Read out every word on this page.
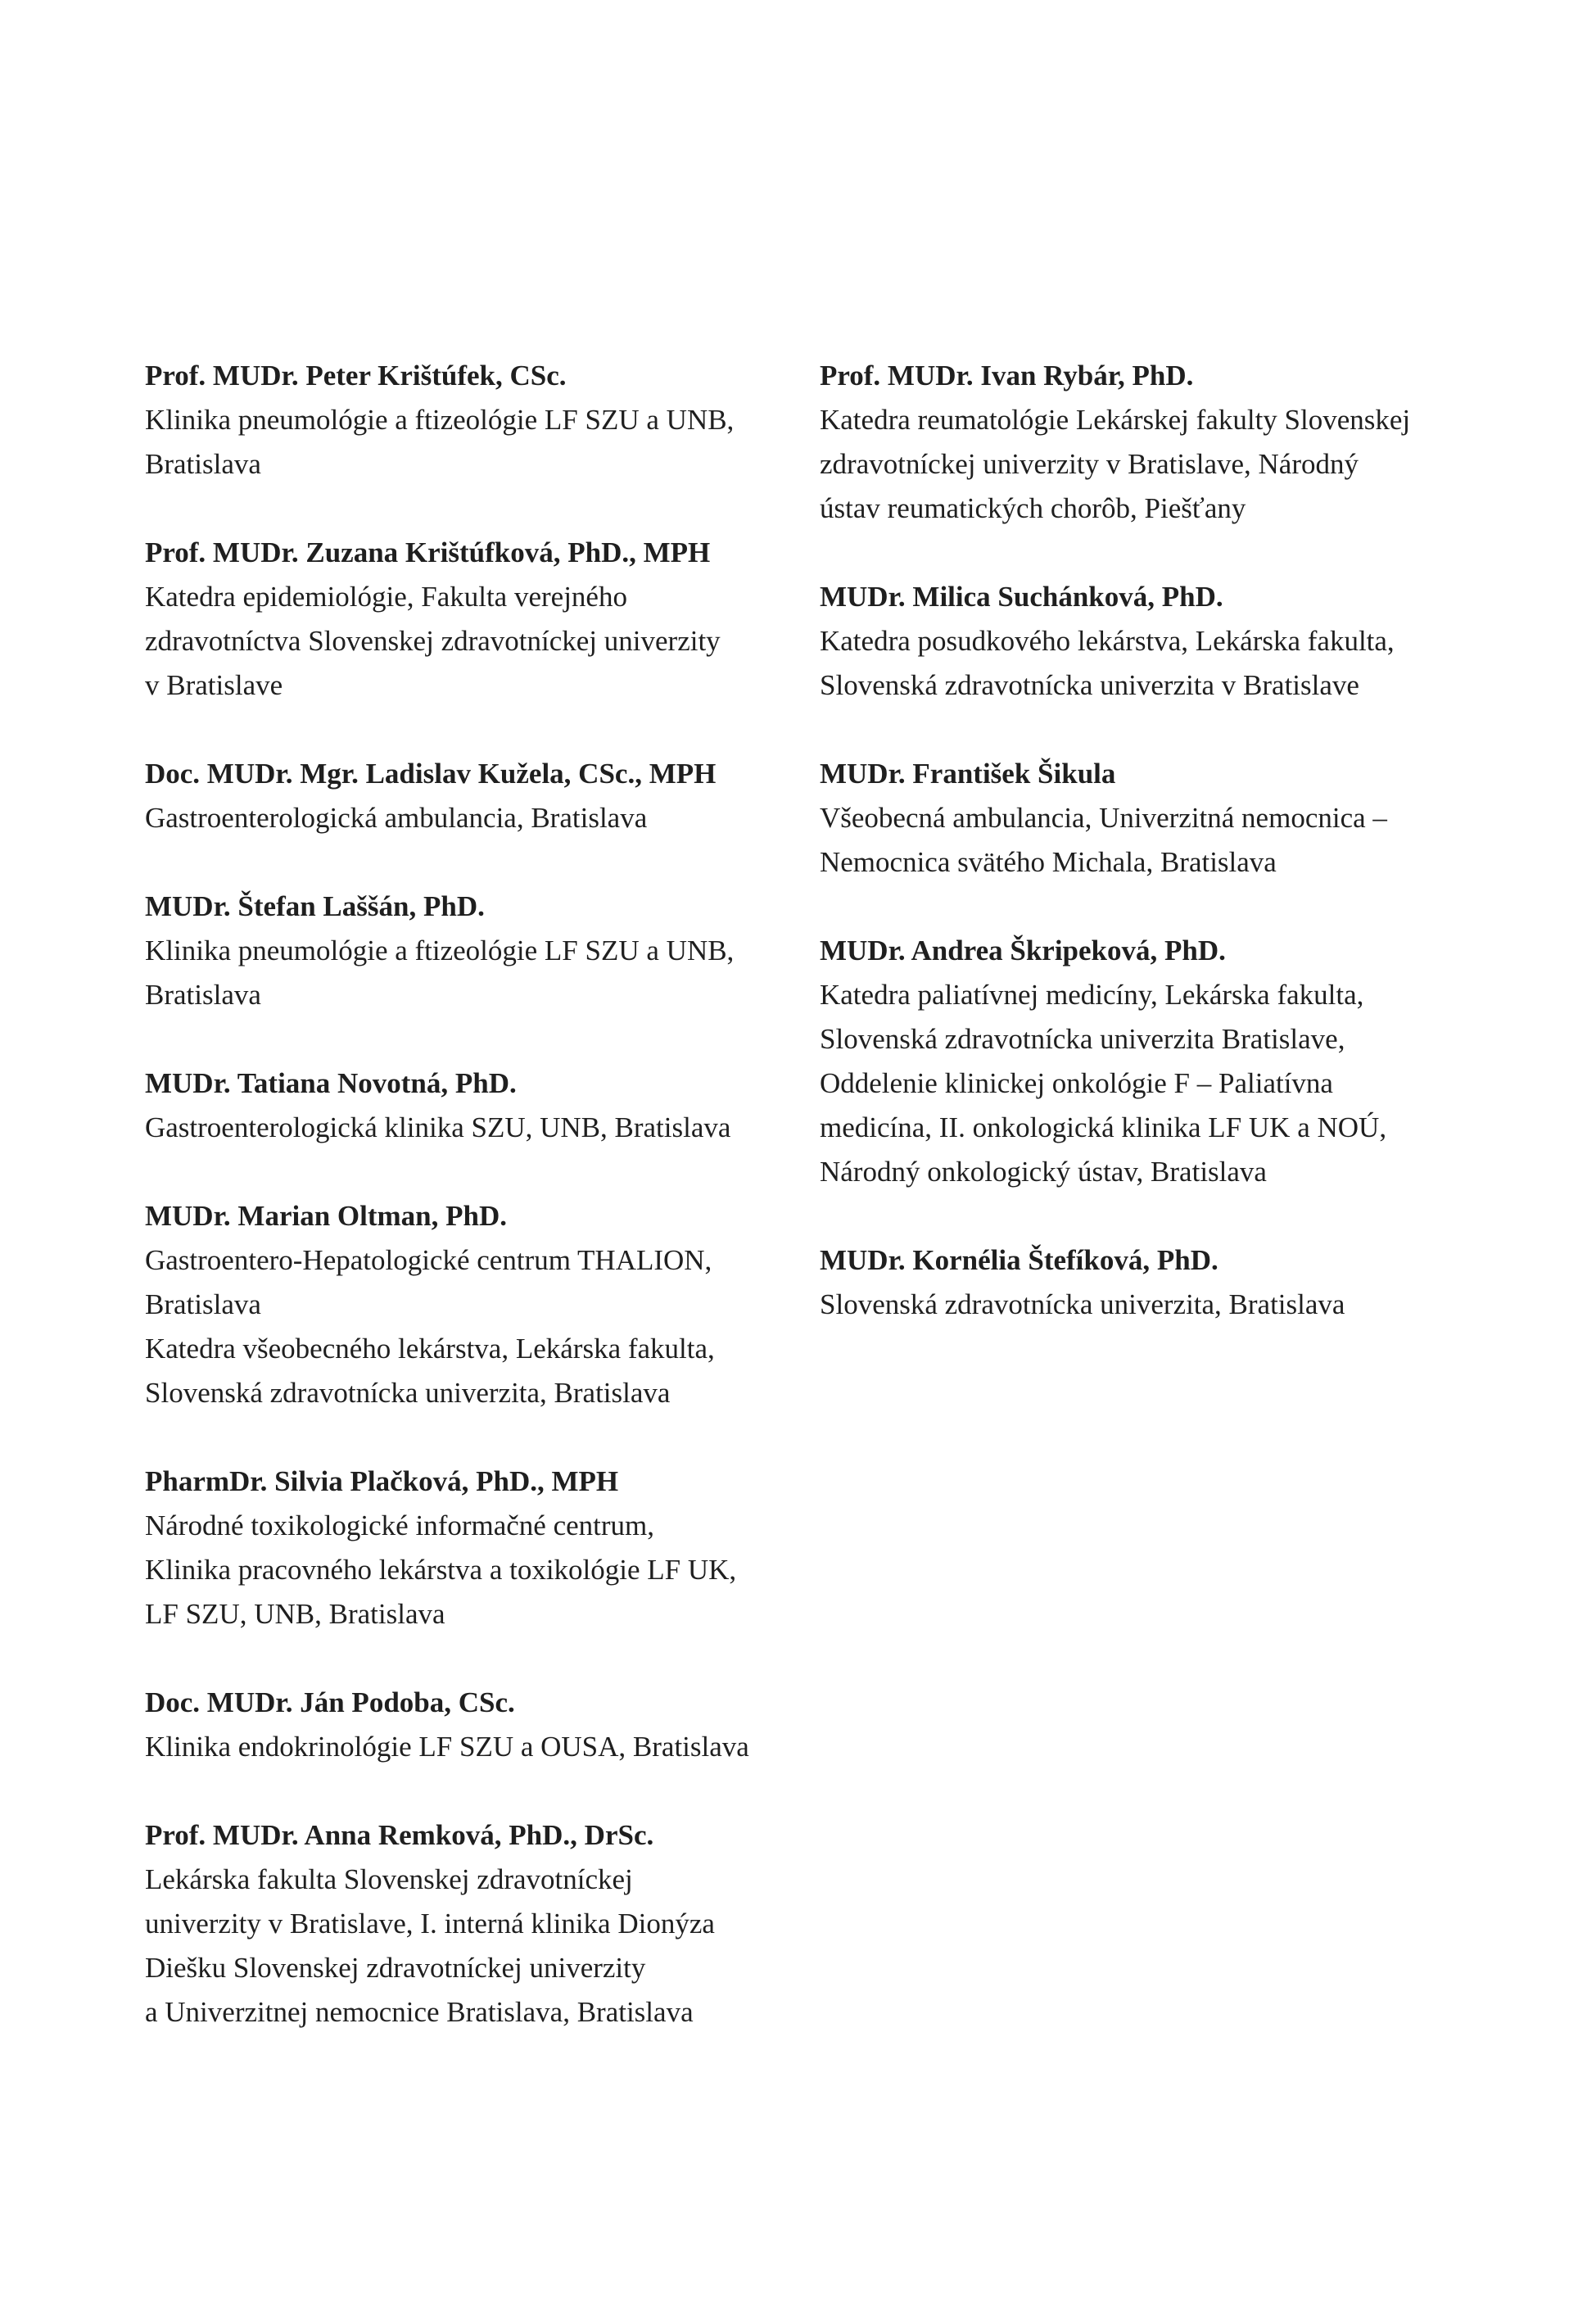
Prof. MUDr. Peter Krištúfek, CSc.
Klinika pneumológie a ftizeológie LF SZU a UNB,
Bratislava
Prof. MUDr. Zuzana Krištúfková, PhD., MPH
Katedra epidemiológie, Fakulta verejného
zdravotníctva Slovenskej zdravotníckej univerzity
v Bratislave
Doc. MUDr. Mgr. Ladislav Kužela, CSc., MPH
Gastroenterologická ambulancia, Bratislava
MUDr. Štefan Laššán, PhD.
Klinika pneumológie a ftizeológie LF SZU a UNB,
Bratislava
MUDr. Tatiana Novotná, PhD.
Gastroenterologická klinika SZU, UNB, Bratislava
MUDr. Marian Oltman, PhD.
Gastroentero-Hepatologické centrum THALION,
Bratislava
Katedra všeobecného lekárstva, Lekárska fakulta,
Slovenská zdravotnícka univerzita, Bratislava
PharmDr. Silvia Plačková, PhD., MPH
Národné toxikologické informačné centrum,
Klinika pracovného lekárstva a toxikológie LF UK,
LF SZU, UNB, Bratislava
Doc. MUDr. Ján Podoba, CSc.
Klinika endokrinológie LF SZU a OUSA, Bratislava
Prof. MUDr. Anna Remková, PhD., DrSc.
Lekárska fakulta Slovenskej zdravotníckej
univerzity v Bratislave, I. interná klinika Dionýza
Diešku Slovenskej zdravotníckej univerzity
a Univerzitnej nemocnice Bratislava, Bratislava
Prof. MUDr. Ivan Rybár, PhD.
Katedra reumatológie Lekárskej fakulty Slovenskej
zdravotníckej univerzity v Bratislave, Národný
ústav reumatických chorôb, Piešťany
MUDr. Milica Suchánková, PhD.
Katedra posudkového lekárstva, Lekárska fakulta,
Slovenská zdravotnícka univerzita v Bratislave
MUDr. František Šikula
Všeobecná ambulancia, Univerzitná nemocnica –
Nemocnica svätého Michala, Bratislava
MUDr. Andrea Škripeková, PhD.
Katedra paliatívnej medicíny, Lekárska fakulta,
Slovenská zdravotnícka univerzita Bratislave,
Oddelenie klinickej onkológie F – Paliatívna
medicína, II. onkologická klinika LF UK a NOÚ,
Národný onkologický ústav, Bratislava
MUDr. Kornélia Štefíková, PhD.
Slovenská zdravotnícka univerzita, Bratislava
